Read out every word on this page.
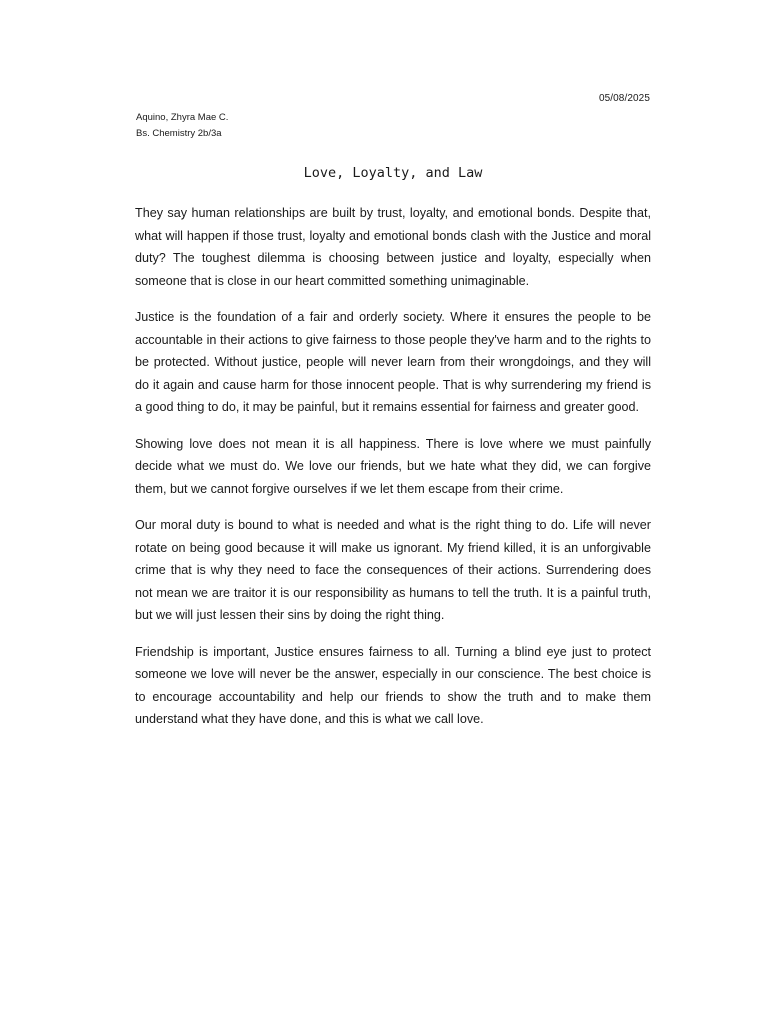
05/08/2025
Aquino, Zhyra Mae C.
Bs. Chemistry 2b/3a
Love, Loyalty, and Law

They say human relationships are built by trust, loyalty, and emotional bonds. Despite that, what will happen if those trust, loyalty and emotional bonds clash with the Justice and moral duty? The toughest dilemma is choosing between justice and loyalty, especially when someone that is close in our heart committed something unimaginable.

Justice is the foundation of a fair and orderly society. Where it ensures the people to be accountable in their actions to give fairness to those people they've harm and to the rights to be protected. Without justice, people will never learn from their wrongdoings, and they will do it again and cause harm for those innocent people. That is why surrendering my friend is a good thing to do, it may be painful, but it remains essential for fairness and greater good.

Showing love does not mean it is all happiness. There is love where we must painfully decide what we must do. We love our friends, but we hate what they did, we can forgive them, but we cannot forgive ourselves if we let them escape from their crime.

Our moral duty is bound to what is needed and what is the right thing to do. Life will never rotate on being good because it will make us ignorant. My friend killed, it is an unforgivable crime that is why they need to face the consequences of their actions. Surrendering does not mean we are traitor it is our responsibility as humans to tell the truth. It is a painful truth, but we will just lessen their sins by doing the right thing.

Friendship is important, Justice ensures fairness to all. Turning a blind eye just to protect someone we love will never be the answer, especially in our conscience. The best choice is to encourage accountability and help our friends to show the truth and to make them understand what they have done, and this is what we call love.
